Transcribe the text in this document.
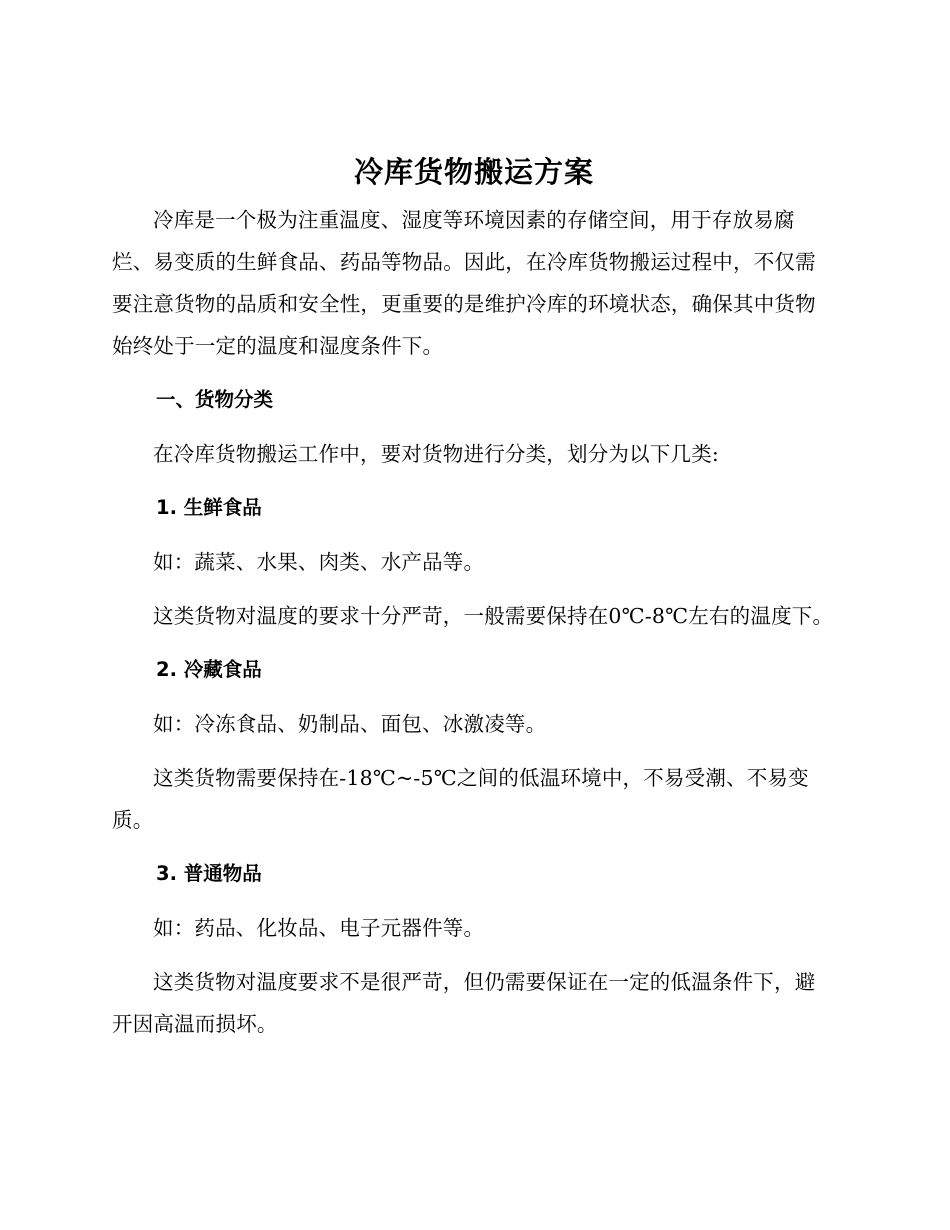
冷库货物搬运方案

冷库是一个极为注重温度、湿度等环境因素的存储空间，用于存放易腐烂、易变质的生鲜食品、药品等物品。因此，在冷库货物搬运过程中，不仅需要注意货物的品质和安全性，更重要的是维护冷库的环境状态，确保其中货物始终处于一定的温度和湿度条件下。

一、货物分类

在冷库货物搬运工作中，要对货物进行分类，划分为以下几类:

1. 生鲜食品

如：蔬菜、水果、肉类、水产品等。

这类货物对温度的要求十分严苛，一般需要保持在0℃-8℃左右的温度下。

2. 冷藏食品

如：冷冻食品、奶制品、面包、冰激凌等。

这类货物需要保持在-18℃~-5℃之间的低温环境中，不易受潮、不易变质。

3. 普通物品

如：药品、化妆品、电子元器件等。

这类货物对温度要求不是很严苛，但仍需要保证在一定的低温条件下，避开因高温而损坏。
